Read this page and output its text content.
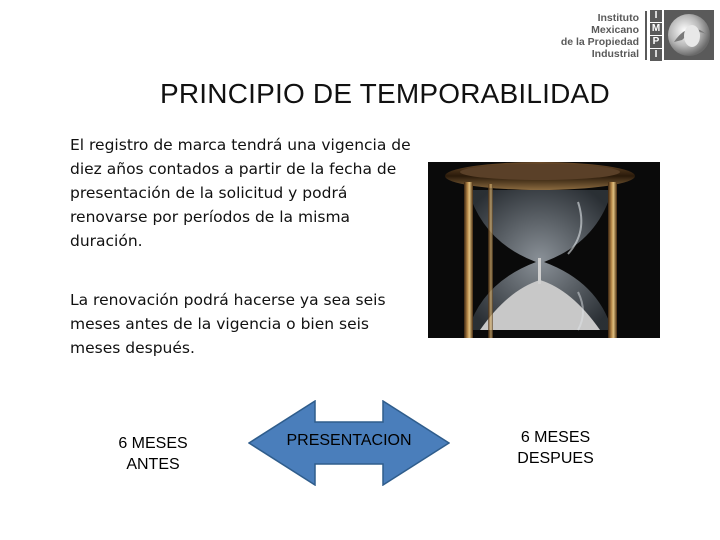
Instituto
Mexicano
de la Propiedad
Industrial
I
M
P
I
PRINCIPIO DE TEMPORABILIDAD
El registro de marca tendrá una vigencia de diez años contados a partir de la fecha de presentación de la solicitud y podrá renovarse por períodos de la misma duración.
La renovación podrá hacerse ya sea seis meses antes de la vigencia o bien seis meses después.
6 MESES
ANTES
PRESENTACION	6 MESES
DESPUES
